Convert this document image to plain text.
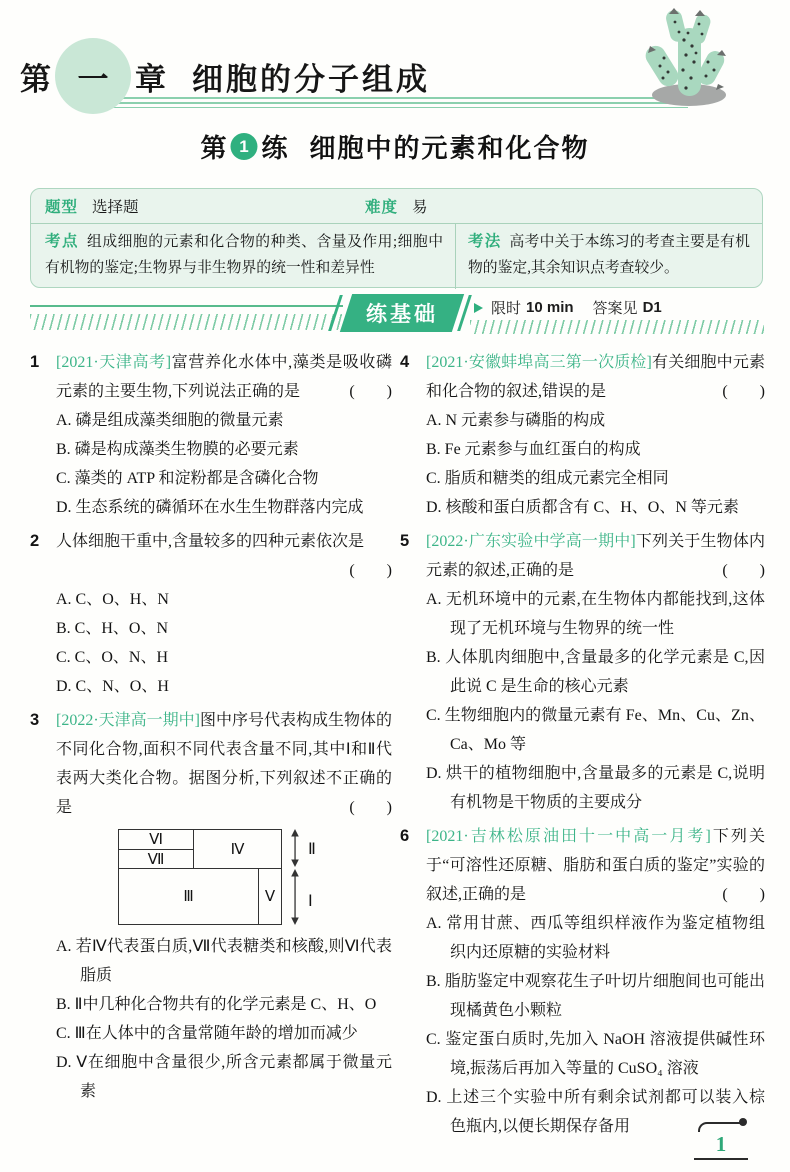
第 一 章 细胞的分子组成
第 1 练 细胞中的元素和化合物
题型 选择题	难度 易

考点 组成细胞的元素和化合物的种类、含量及作用;细胞中有机物的鉴定;生物界与非生物界的统一性和差异性

考法 高考中关于本练习的考查主要是有机物的鉴定,其余知识点考查较少。

练基础	限时 10 min 答案见 D1
1 [2021·天津高考]富营养化水体中,藻类是吸收磷元素的主要生物,下列说法正确的是	(　　)

A. 磷是组成藻类细胞的微量元素

B. 磷是构成藻类生物膜的必要元素

C. 藻类的 ATP 和淀粉都是含磷化合物

D. 生态系统的磷循环在水生生物群落内完成

2 人体细胞干重中,含量较多的四种元素依次是
(　　)

A. C、O、H、N

B. C、H、O、N

C. C、O、N、H

D. C、N、O、H

3 [2022·天津高一期中]图中序号代表构成生物体的不同化合物,面积不同代表含量不同,其中Ⅰ和Ⅱ代表两大类化合物。据图分析,下列叙述不正确的是	(　　)

Ⅵ
Ⅶ
Ⅳ
Ⅲ	Ⅴ
Ⅱ
Ⅰ

A. 若Ⅳ代表蛋白质,Ⅶ代表糖类和核酸,则Ⅵ代表脂质

B. Ⅱ中几种化合物共有的化学元素是 C、H、O

C. Ⅲ在人体中的含量常随年龄的增加而减少

D. Ⅴ在细胞中含量很少,所含元素都属于微量元素

4 [2021·安徽蚌埠高三第一次质检]有关细胞中元素和化合物的叙述,错误的是	(　　)

A. N 元素参与磷脂的构成

B. Fe 元素参与血红蛋白的构成

C. 脂质和糖类的组成元素完全相同

D. 核酸和蛋白质都含有 C、H、O、N 等元素

5 [2022·广东实验中学高一期中]下列关于生物体内元素的叙述,正确的是	(　　)

A. 无机环境中的元素,在生物体内都能找到,这体现了无机环境与生物界的统一性

B. 人体肌肉细胞中,含量最多的化学元素是 C,因此说 C 是生命的核心元素

C. 生物细胞内的微量元素有 Fe、Mn、Cu、Zn、Ca、Mo 等

D. 烘干的植物细胞中,含量最多的元素是 C,说明有机物是干物质的主要成分

6 [2021·吉林松原油田十一中高一月考]下列关于“可溶性还原糖、脂肪和蛋白质的鉴定”实验的叙述,正确的是	(　　)

A. 常用甘蔗、西瓜等组织样液作为鉴定植物组织内还原糖的实验材料

B. 脂肪鉴定中观察花生子叶切片细胞间也可能出现橘黄色小颗粒

C. 鉴定蛋白质时,先加入 NaOH 溶液提供碱性环境,振荡后再加入等量的 CuSO₄ 溶液

D. 上述三个实验中所有剩余试剂都可以装入棕色瓶内,以便长期保存备用

1
